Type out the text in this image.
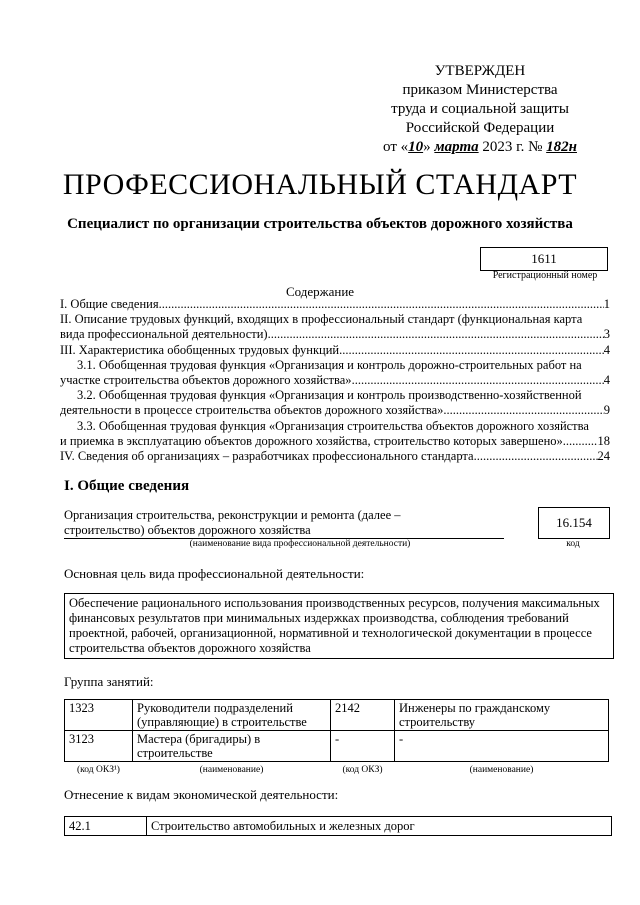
УТВЕРЖДЕН
приказом Министерства
труда и социальной защиты
Российской Федерации
от «10» марта 2023 г. № 182н
ПРОФЕССИОНАЛЬНЫЙ СТАНДАРТ
Специалист по организации строительства объектов дорожного хозяйства
1611
Регистрационный номер
Содержание
I. Общие сведения .....	1
II. Описание трудовых функций, входящих в профессиональный стандарт (функциональная карта
вида профессиональной деятельности) .....	3
III. Характеристика обобщенных трудовых функций .....	4
3.1. Обобщенная трудовая функция «Организация и контроль дорожно-строительных работ на
участке строительства объектов дорожного хозяйства» .....	4
3.2. Обобщенная трудовая функция «Организация и контроль производственно-хозяйственной
деятельности в процессе строительства объектов дорожного хозяйства» .....	9
3.3. Обобщенная трудовая функция «Организация строительства объектов дорожного хозяйства
и приемка в эксплуатацию объектов дорожного хозяйства, строительство которых завершено» .....	18
IV. Сведения об организациях – разработчиках профессионального стандарта .....	24
I. Общие сведения
Организация строительства, реконструкции и ремонта (далее –
строительство) объектов дорожного хозяйства
(наименование вида профессиональной деятельности)
16.154
код
Основная цель вида профессиональной деятельности:
Обеспечение рационального использования производственных ресурсов, получения максимальных финансовых результатов при минимальных издержках производства, соблюдения требований проектной, рабочей, организационной, нормативной и технологической документации в процессе строительства объектов дорожного хозяйства
Группа занятий:
1323	Руководители подразделений (управляющие) в строительстве	2142	Инженеры по гражданскому строительству
3123	Мастера (бригадиры) в строительстве	-	-
(код ОКЗ¹)	(наименование)	(код ОКЗ)	(наименование)
Отнесение к видам экономической деятельности:
42.1	Строительство автомобильных и железных дорог
